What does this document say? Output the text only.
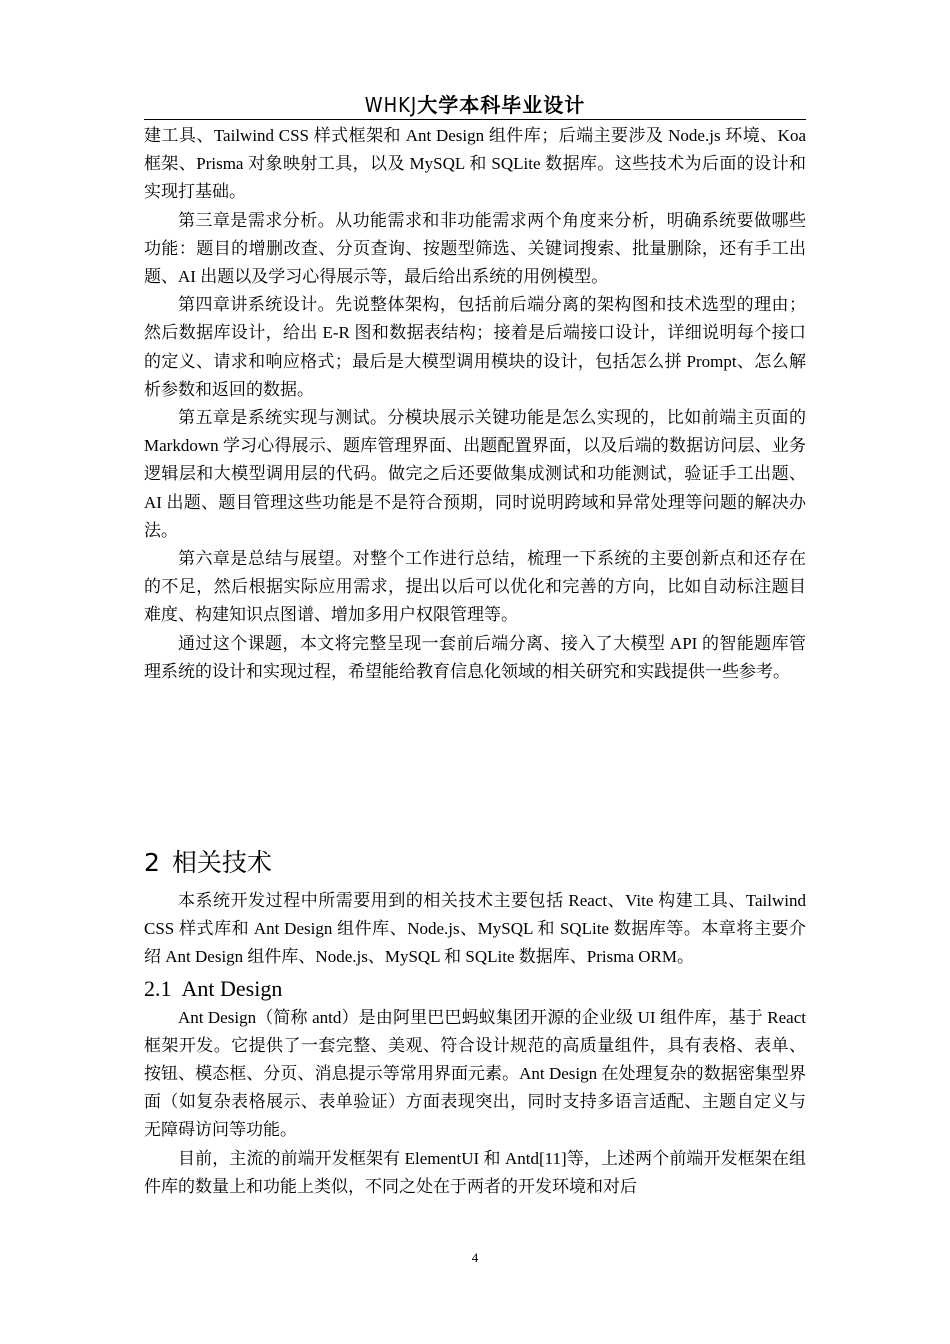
WHKJ大学本科毕业设计

建工具、Tailwind CSS 样式框架和 Ant Design 组件库；后端主要涉及 Node.js 环境、Koa 框架、Prisma 对象映射工具，以及 MySQL 和 SQLite 数据库。这些技术为后面的设计和实现打基础。

第三章是需求分析。从功能需求和非功能需求两个角度来分析，明确系统要做哪些功能：题目的增删改查、分页查询、按题型筛选、关键词搜索、批量删除，还有手工出题、AI 出题以及学习心得展示等，最后给出系统的用例模型。

第四章讲系统设计。先说整体架构，包括前后端分离的架构图和技术选型的理由；然后数据库设计，给出 E-R 图和数据表结构；接着是后端接口设计，详细说明每个接口的定义、请求和响应格式；最后是大模型调用模块的设计，包括怎么拼 Prompt、怎么解析参数和返回的数据。

第五章是系统实现与测试。分模块展示关键功能是怎么实现的，比如前端主页面的 Markdown 学习心得展示、题库管理界面、出题配置界面，以及后端的数据访问层、业务逻辑层和大模型调用层的代码。做完之后还要做集成测试和功能测试，验证手工出题、AI 出题、题目管理这些功能是不是符合预期，同时说明跨域和异常处理等问题的解决办法。

第六章是总结与展望。对整个工作进行总结，梳理一下系统的主要创新点和还存在的不足，然后根据实际应用需求，提出以后可以优化和完善的方向，比如自动标注题目难度、构建知识点图谱、增加多用户权限管理等。

通过这个课题，本文将完整呈现一套前后端分离、接入了大模型 API 的智能题库管理系统的设计和实现过程，希望能给教育信息化领域的相关研究和实践提供一些参考。

2 相关技术

本系统开发过程中所需要用到的相关技术主要包括 React、Vite 构建工具、Tailwind CSS 样式库和 Ant Design 组件库、Node.js、MySQL 和 SQLite 数据库等。本章将主要介绍 Ant Design 组件库、Node.js、MySQL 和 SQLite 数据库、Prisma ORM。

2.1 Ant Design

Ant Design（简称 antd）是由阿里巴巴蚂蚁集团开源的企业级 UI 组件库，基于 React 框架开发。它提供了一套完整、美观、符合设计规范的高质量组件，具有表格、表单、按钮、模态框、分页、消息提示等常用界面元素。Ant Design 在处理复杂的数据密集型界面（如复杂表格展示、表单验证）方面表现突出，同时支持多语言适配、主题自定义与无障碍访问等功能。

目前，主流的前端开发框架有 ElementUI 和 Antd[11]等，上述两个前端开发框架在组件库的数量上和功能上类似，不同之处在于两者的开发环境和对后

4
